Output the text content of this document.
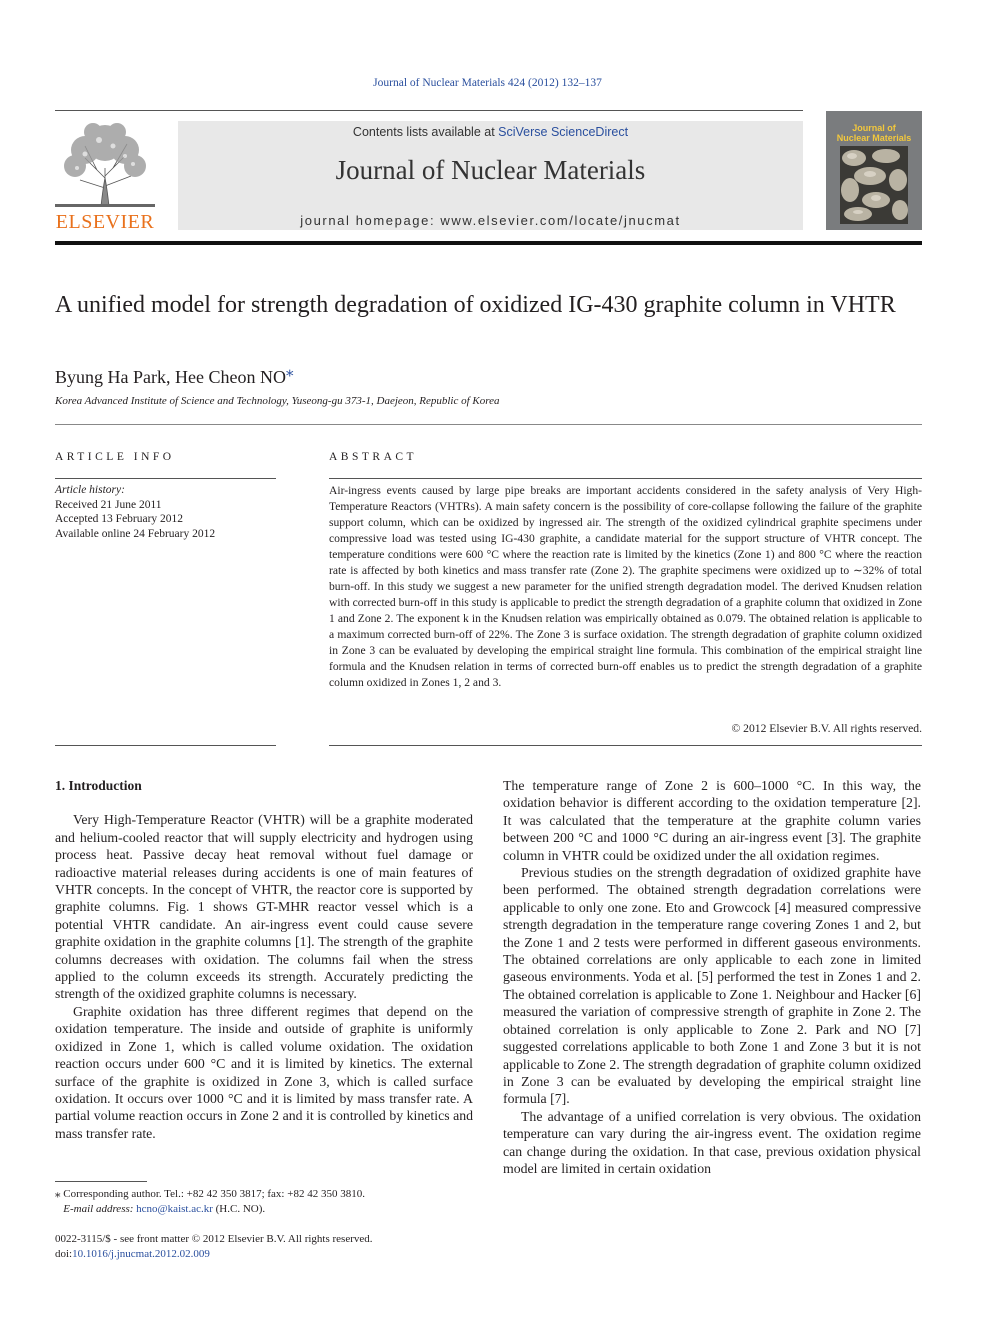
Journal of Nuclear Materials 424 (2012) 132–137
ELSEVIER
Contents lists available at SciVerse ScienceDirect
Journal of Nuclear Materials
journal homepage: www.elsevier.com/locate/jnucmat
Journal of
Nuclear Materials
A unified model for strength degradation of oxidized IG-430 graphite column in VHTR
Byung Ha Park, Hee Cheon NO⁎
Korea Advanced Institute of Science and Technology, Yuseong-gu 373-1, Daejeon, Republic of Korea
ARTICLE INFO
Article history:
Received 21 June 2011
Accepted 13 February 2012
Available online 24 February 2012
ABSTRACT

Air-ingress events caused by large pipe breaks are important accidents considered in the safety analysis of Very High-Temperature Reactors (VHTRs). A main safety concern is the possibility of core-collapse following the failure of the graphite support column, which can be oxidized by ingressed air. The strength of the oxidized cylindrical graphite specimens under compressive load was tested using IG-430 graphite, a candidate material for the support structure of VHTR concept. The temperature conditions were 600 °C where the reaction rate is limited by the kinetics (Zone 1) and 800 °C where the reaction rate is affected by both kinetics and mass transfer rate (Zone 2). The graphite specimens were oxidized up to ∼32% of total burn-off. In this study we suggest a new parameter for the unified strength degradation model. The derived Knudsen relation with corrected burn-off in this study is applicable to predict the strength degradation of a graphite column that oxidized in Zone 1 and Zone 2. The exponent k in the Knudsen relation was empirically obtained as 0.079. The obtained relation is applicable to a maximum corrected burn-off of 22%. The Zone 3 is surface oxidation. The strength degradation of graphite column oxidized in Zone 3 can be evaluated by developing the empirical straight line formula. This combination of the empirical straight line formula and the Knudsen relation in terms of corrected burn-off enables us to predict the strength degradation of a graphite column oxidized in Zones 1, 2 and 3.

© 2012 Elsevier B.V. All rights reserved.

1. Introduction

Very High-Temperature Reactor (VHTR) will be a graphite moderated and helium-cooled reactor that will supply electricity and hydrogen using process heat. Passive decay heat removal without fuel damage or radioactive material releases during accidents is one of main features of VHTR concepts. In the concept of VHTR, the reactor core is supported by graphite columns. Fig. 1 shows GT-MHR reactor vessel which is a potential VHTR candidate. An air-ingress event could cause severe graphite oxidation in the graphite columns [1]. The strength of the graphite columns decreases with oxidation. The columns fail when the stress applied to the column exceeds its strength. Accurately predicting the strength of the oxidized graphite columns is necessary.

Graphite oxidation has three different regimes that depend on the oxidation temperature. The inside and outside of graphite is uniformly oxidized in Zone 1, which is called volume oxidation. The oxidation reaction occurs under 600 °C and it is limited by kinetics. The external surface of the graphite is oxidized in Zone 3, which is called surface oxidation. It occurs over 1000 °C and it is limited by mass transfer rate. A partial volume reaction occurs in Zone 2 and it is controlled by kinetics and mass transfer rate.

The temperature range of Zone 2 is 600–1000 °C. In this way, the oxidation behavior is different according to the oxidation temperature [2]. It was calculated that the temperature at the graphite column varies between 200 °C and 1000 °C during an air-ingress event [3]. The graphite column in VHTR could be oxidized under the all oxidation regimes.

Previous studies on the strength degradation of oxidized graphite have been performed. The obtained strength degradation correlations were applicable to only one zone. Eto and Growcock [4] measured compressive strength degradation in the temperature range covering Zones 1 and 2, but the Zone 1 and 2 tests were performed in different gaseous environments. The obtained correlations are only applicable to each zone in limited gaseous environments. Yoda et al. [5] performed the test in Zones 1 and 2. The obtained correlation is applicable to Zone 1. Neighbour and Hacker [6] measured the variation of compressive strength of graphite in Zone 2. The obtained correlation is only applicable to Zone 2. Park and NO [7] suggested correlations applicable to both Zone 1 and Zone 3 but it is not applicable to Zone 2. The strength degradation of graphite column oxidized in Zone 3 can be evaluated by developing the empirical straight line formula [7].

The advantage of a unified correlation is very obvious. The oxidation temperature can vary during the air-ingress event. The oxidation regime can change during the oxidation. In that case, previous oxidation physical model are limited in certain oxidation

⁎ Corresponding author. Tel.: +82 42 350 3817; fax: +82 42 350 3810.
E-mail address: hcno@kaist.ac.kr (H.C. NO).
0022-3115/$ - see front matter © 2012 Elsevier B.V. All rights reserved.
doi:10.1016/j.jnucmat.2012.02.009
